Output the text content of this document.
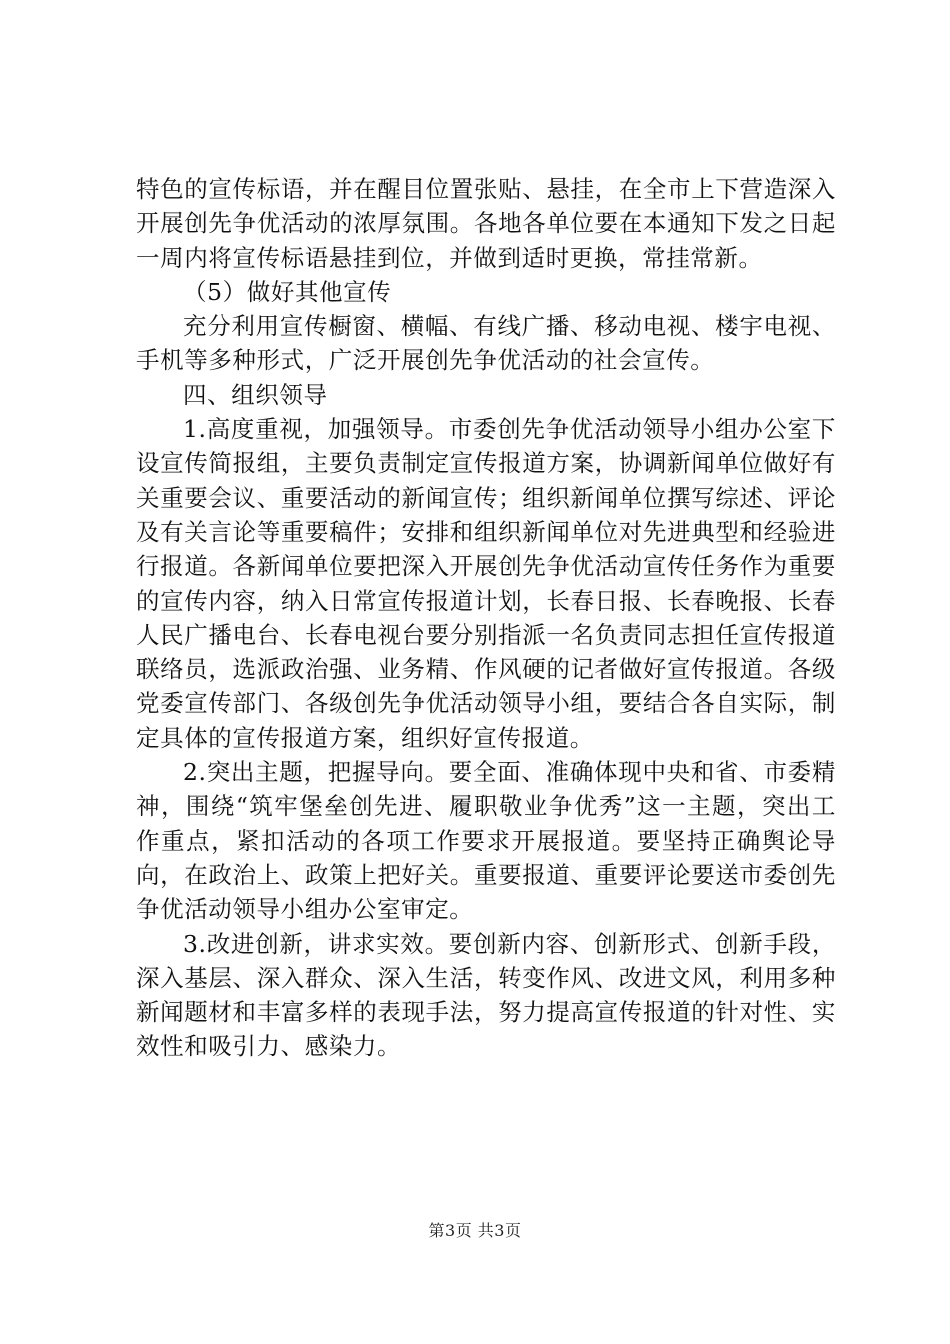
特色的宣传标语，并在醒目位置张贴、悬挂，在全市上下营造深入开展创先争优活动的浓厚氛围。各地各单位要在本通知下发之日起一周内将宣传标语悬挂到位，并做到适时更换，常挂常新。

（5）做好其他宣传

充分利用宣传橱窗、横幅、有线广播、移动电视、楼宇电视、手机等多种形式，广泛开展创先争优活动的社会宣传。

四、组织领导

1.高度重视，加强领导。市委创先争优活动领导小组办公室下设宣传简报组，主要负责制定宣传报道方案，协调新闻单位做好有关重要会议、重要活动的新闻宣传；组织新闻单位撰写综述、评论及有关言论等重要稿件；安排和组织新闻单位对先进典型和经验进行报道。各新闻单位要把深入开展创先争优活动宣传任务作为重要的宣传内容，纳入日常宣传报道计划，长春日报、长春晚报、长春人民广播电台、长春电视台要分别指派一名负责同志担任宣传报道联络员，选派政治强、业务精、作风硬的记者做好宣传报道。各级党委宣传部门、各级创先争优活动领导小组，要结合各自实际，制定具体的宣传报道方案，组织好宣传报道。

2.突出主题，把握导向。要全面、准确体现中央和省、市委精神，围绕“筑牢堡垒创先进、履职敬业争优秀”这一主题，突出工作重点，紧扣活动的各项工作要求开展报道。要坚持正确舆论导向，在政治上、政策上把好关。重要报道、重要评论要送市委创先争优活动领导小组办公室审定。

3.改进创新，讲求实效。要创新内容、创新形式、创新手段，深入基层、深入群众、深入生活，转变作风、改进文风，利用多种新闻题材和丰富多样的表现手法，努力提高宣传报道的针对性、实效性和吸引力、感染力。

第3页 共3页
